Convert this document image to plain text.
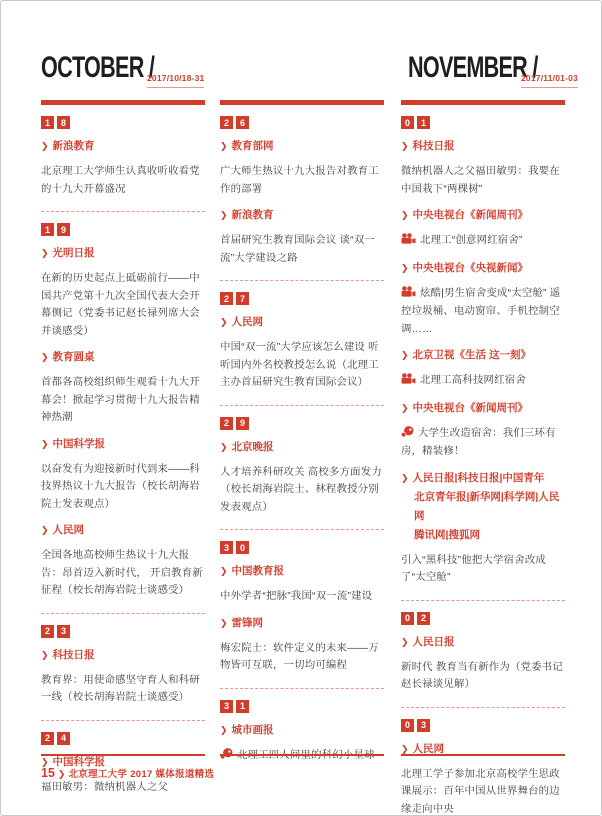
OCTOBER /
2017/10/18-31	NOVEMBER /
2017/11/01-03
1	8
❯ 新浪教育
北京理工大学师生认真收听收看党的十九大开幕盛况
1	9
❯ 光明日报
在新的历史起点上砥砺前行——中国共产党第十九次全国代表大会开幕侧记（党委书记赵长禄列席大会并谈感受）
❯ 教育圆桌
首都各高校组织师生观看十九大开幕会！掀起学习贯彻十九大报告精神热潮
❯ 中国科学报
以奋发有为迎接新时代到来——科技界热议十九大报告（校长胡海岩院士发表观点）
❯ 人民网
全国各地高校师生热议十九大报告：昂首迈入新时代， 开启教育新征程（校长胡海岩院士谈感受）
2	3
❯ 科技日报
教育界：用使命感坚守育人和科研一线（校长胡海岩院士谈感受）
2	4
❯ 中国科学报
福田敏男：微纳机器人之父
2	6
❯ 教育部网
广大师生热议十九大报告对教育工作的部署
❯ 新浪教育
首届研究生教育国际会议 谈“双一流”大学建设之路
2	7
❯ 人民网
中国“双一流”大学应该怎么建设 听听国内外名校教授怎么说（北理工主办首届研究生教育国际会议）
2	9
❯ 北京晚报
人才培养科研攻关 高校多方面发力（校长胡海岩院士、林程教授分别发表观点）
3	0
❯ 中国教育报
中外学者“把脉”我国“双一流”建设
❯ 雷锋网
梅宏院士：软件定义的未来——万物皆可互联，一切均可编程
3	1
❯ 城市画报
0	1
❯ 科技日报
微纳机器人之父福田敏男：我要在中国栽下“两棵树”
❯ 中央电视台《新闻周刊》
北理工“创意网红宿舍”
❯ 中央电视台《央视新闻》
炫酷|男生宿舍变成“太空舱” 遥控垃圾桶、电动窗帘、手机控制空调……
❯ 北京卫视《生活 这一刻》
北理工高科技网红宿舍
❯ 中央电视台《新闻周刊》
大学生改造宿舍：我们三环有房，精装修！
❯ 人民日报|科技日报|中国青年
北京青年报|新华网|科学网|人民网
腾讯网|搜狐网
引入“黑科技”他把大学宿舍改成了“太空舱”
0	2
❯ 人民日报
新时代 教育当有新作为（党委书记赵长禄谈见解）
0	3
❯ 人民网
北理工学子参加北京高校学生思政课展示：百年中国从世界舞台的边缘走向中央
15 ❯ 北京理工大学 2017 媒体报道精选
